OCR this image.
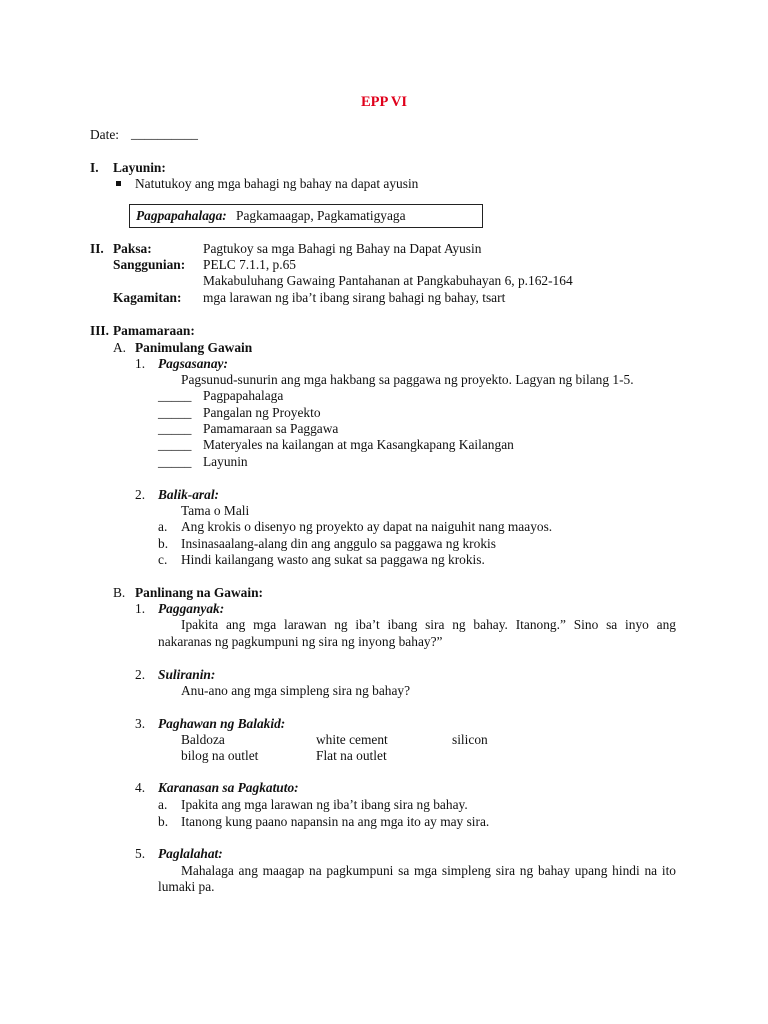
EPP VI
Date: __________
I. Layunin:
Natutukoy ang mga bahagi ng bahay na dapat ayusin
Pagpapahalaga: Pagkamaagap, Pagkamatigyaga
II. Paksa:	Pagtukoy sa mga Bahagi ng Bahay na Dapat Ayusin
Sanggunian: PELC 7.1.1, p.65
Makabuluhang Gawaing Pantahanan at Pangkabuhayan 6, p.162-164
Kagamitan: mga larawan ng iba’t ibang sirang bahagi ng bahay, tsart
III. Pamamaraan:
A. Panimulang Gawain
1. Pagsasanay:
Pagsunud-sunurin ang mga hakbang sa paggawa ng proyekto. Lagyan ng bilang 1-5.
_____ Pagpapahalaga
_____ Pangalan ng Proyekto
_____ Pamamaraan sa Paggawa
_____ Materyales na kailangan at mga Kasangkapang Kailangan
_____ Layunin
2. Balik-aral:
Tama o Mali
a. Ang krokis o disenyo ng proyekto ay dapat na naiguhit nang maayos.
b. Insinasaalang-alang din ang anggulo sa paggawa ng krokis
c. Hindi kailangang wasto ang sukat sa paggawa ng krokis.
B. Panlinang na Gawain:
1. Pagganyak:
Ipakita ang mga larawan ng iba’t ibang sira ng bahay. Itanong.” Sino sa inyo ang
nakaranas ng pagkumpuni ng sira ng inyong bahay?”
2. Suliranin:
Anu-ano ang mga simpleng sira ng bahay?
3. Paghawan ng Balakid:
Baldoza	white cement	silicon
bilog na outlet	Flat na outlet
4. Karanasan sa Pagkatuto:
a. Ipakita ang mga larawan ng iba’t ibang sira ng bahay.
b. Itanong kung paano napansin na ang mga ito ay may sira.
5. Paglalahat:
Mahalaga ang maagap na pagkumpuni sa mga simpleng sira ng bahay upang hindi na ito
lumaki pa.
